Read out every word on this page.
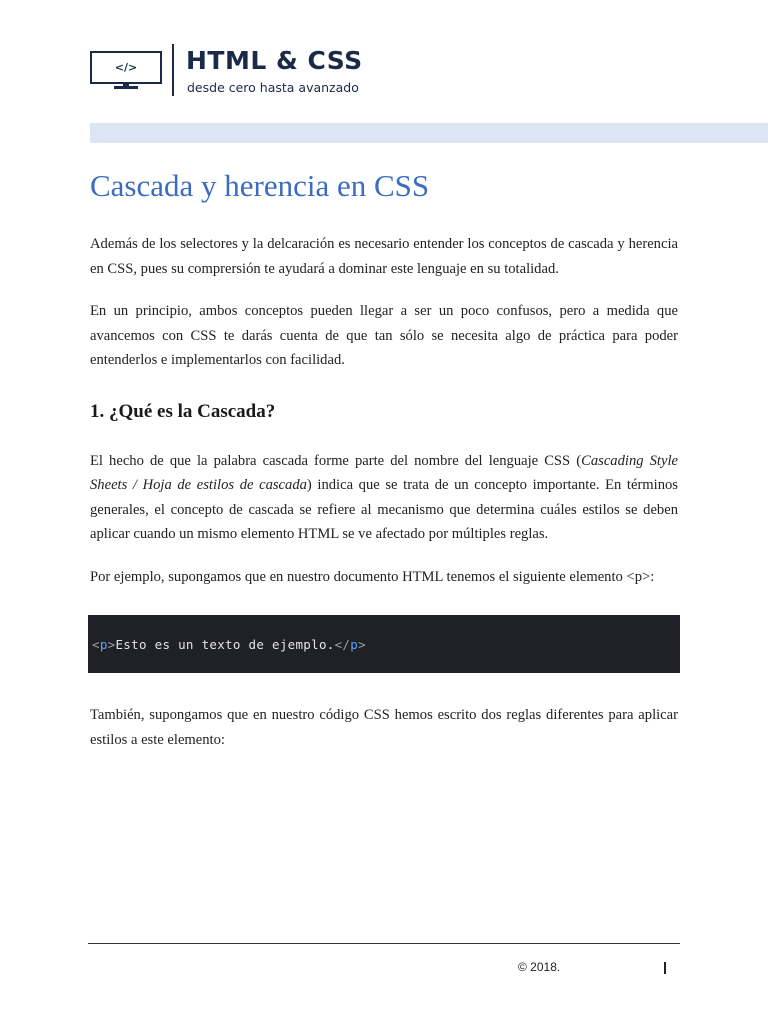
</> HTML & CSS
desde cero hasta avanzado
Cascada y herencia en CSS

Además de los selectores y la delcaración es necesario entender los conceptos de cascada y herencia en CSS, pues su comprersión te ayudará a dominar este lenguaje en su totalidad.

En un principio, ambos conceptos pueden llegar a ser un poco confusos, pero a medida que avancemos con CSS te darás cuenta de que tan sólo se necesita algo de práctica para poder entenderlos e implementarlos con facilidad.

1. ¿Qué es la Cascada?

El hecho de que la palabra cascada forme parte del nombre del lenguaje CSS (Cascading Style Sheets / Hoja de estilos de cascada) indica que se trata de un concepto importante. En términos generales, el concepto de cascada se refiere al mecanismo que determina cuáles estilos se deben aplicar cuando un mismo elemento HTML se ve afectado por múltiples reglas.

Por ejemplo, supongamos que en nuestro documento HTML tenemos el siguiente elemento <p>:

< p > Esto es un texto de ejemplo. </ p >

También, supongamos que en nuestro código CSS hemos escrito dos reglas diferentes para aplicar estilos a este elemento:

© 2018.
